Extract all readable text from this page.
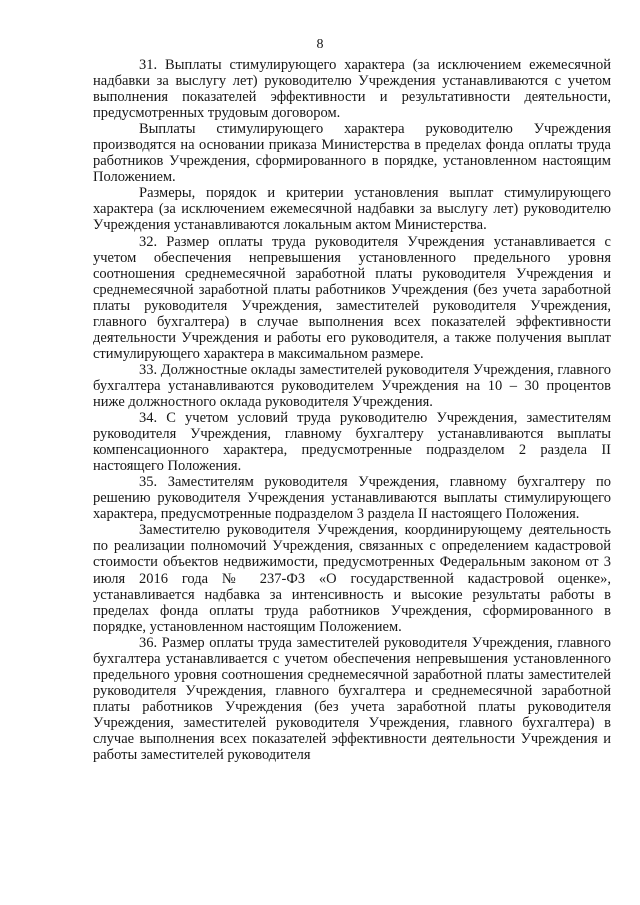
8

31. Выплаты стимулирующего характера (за исключением ежемесячной надбавки за выслугу лет) руководителю Учреждения устанавливаются с учетом выполнения показателей эффективности и результативности деятельности, предусмотренных трудовым договором.

Выплаты стимулирующего характера руководителю Учреждения производятся на основании приказа Министерства в пределах фонда оплаты труда работников Учреждения, сформированного в порядке, установленном настоящим Положением.

Размеры, порядок и критерии установления выплат стимулирующего характера (за исключением ежемесячной надбавки за выслугу лет) руководителю Учреждения устанавливаются локальным актом Министерства.

32. Размер оплаты труда руководителя Учреждения устанавливается с учетом обеспечения непревышения установленного предельного уровня соотношения среднемесячной заработной платы руководителя Учреждения и среднемесячной заработной платы работников Учреждения (без учета заработной платы руководителя Учреждения, заместителей руководителя Учреждения, главного бухгалтера) в случае выполнения всех показателей эффективности деятельности Учреждения и работы его руководителя, а также получения выплат стимулирующего характера в максимальном размере.

33. Должностные оклады заместителей руководителя Учреждения, главного бухгалтера устанавливаются руководителем Учреждения на 10 – 30 процентов ниже должностного оклада руководителя Учреждения.

34. С учетом условий труда руководителю Учреждения, заместителям руководителя Учреждения, главному бухгалтеру устанавливаются выплаты компенсационного характера, предусмотренные подразделом 2 раздела II настоящего Положения.

35. Заместителям руководителя Учреждения, главному бухгалтеру по решению руководителя Учреждения устанавливаются выплаты стимулирующего характера, предусмотренные подразделом 3 раздела II настоящего Положения.

Заместителю руководителя Учреждения, координирующему деятельность по реализации полномочий Учреждения, связанных с определением кадастровой стоимости объектов недвижимости, предусмотренных Федеральным законом от 3 июля 2016 года № 237-ФЗ «О государственной кадастровой оценке», устанавливается надбавка за интенсивность и высокие результаты работы в пределах фонда оплаты труда работников Учреждения, сформированного в порядке, установленном настоящим Положением.

36. Размер оплаты труда заместителей руководителя Учреждения, главного бухгалтера устанавливается с учетом обеспечения непревышения установленного предельного уровня соотношения среднемесячной заработной платы заместителей руководителя Учреждения, главного бухгалтера и среднемесячной заработной платы работников Учреждения (без учета заработной платы руководителя Учреждения, заместителей руководителя Учреждения, главного бухгалтера) в случае выполнения всех показателей эффективности деятельности Учреждения и работы заместителей руководителя
